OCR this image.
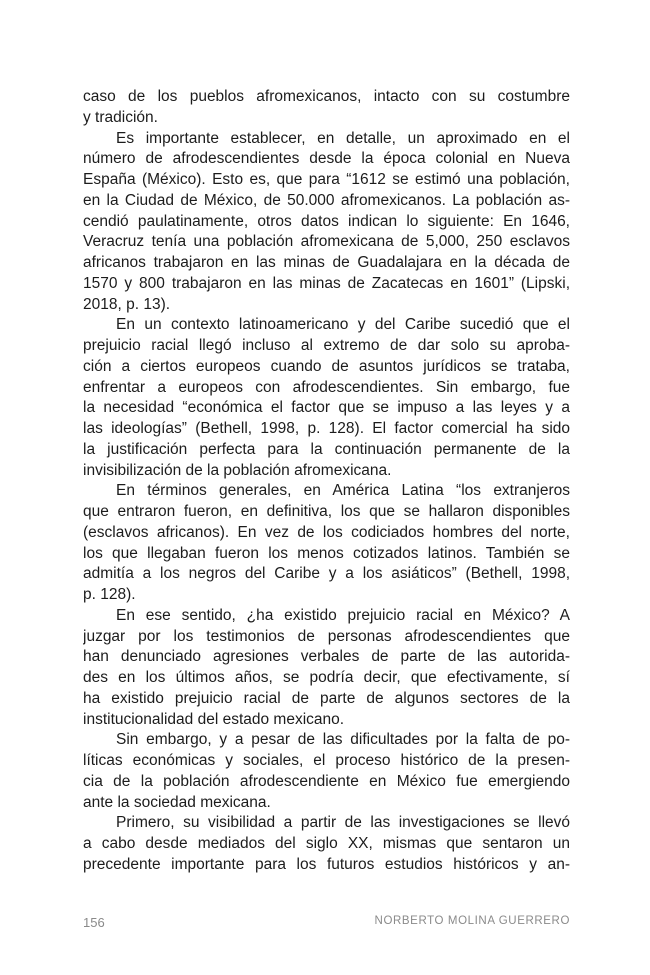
caso de los pueblos afromexicanos, intacto con su costumbre
y tradición.
Es importante establecer, en detalle, un aproximado en el
número de afrodescendientes desde la época colonial en Nueva
España (México). Esto es, que para “1612 se estimó una población,
en la Ciudad de México, de 50.000 afromexicanos. La población as-
cendió paulatinamente, otros datos indican lo siguiente: En 1646,
Veracruz tenía una población afromexicana de 5,000, 250 esclavos
africanos trabajaron en las minas de Guadalajara en la década de
1570 y 800 trabajaron en las minas de Zacatecas en 1601” (Lipski,
2018, p. 13).
En un contexto latinoamericano y del Caribe sucedió que el
prejuicio racial llegó incluso al extremo de dar solo su aproba-
ción a ciertos europeos cuando de asuntos jurídicos se trataba,
enfrentar a europeos con afrodescendientes. Sin embargo, fue
la necesidad “económica el factor que se impuso a las leyes y a
las ideologías” (Bethell, 1998, p. 128). El factor comercial ha sido
la justificación perfecta para la continuación permanente de la
invisibilización de la población afromexicana.
En términos generales, en América Latina “los extranjeros
que entraron fueron, en definitiva, los que se hallaron disponibles
(esclavos africanos). En vez de los codiciados hombres del norte,
los que llegaban fueron los menos cotizados latinos. También se
admitía a los negros del Caribe y a los asiáticos” (Bethell, 1998,
p. 128).
En ese sentido, ¿ha existido prejuicio racial en México? A
juzgar por los testimonios de personas afrodescendientes que
han denunciado agresiones verbales de parte de las autorida-
des en los últimos años, se podría decir, que efectivamente, sí
ha existido prejuicio racial de parte de algunos sectores de la
institucionalidad del estado mexicano.
Sin embargo, y a pesar de las dificultades por la falta de po-
líticas económicas y sociales, el proceso histórico de la presen-
cia de la población afrodescendiente en México fue emergiendo
ante la sociedad mexicana.
Primero, su visibilidad a partir de las investigaciones se llevó
a cabo desde mediados del siglo XX, mismas que sentaron un
precedente importante para los futuros estudios históricos y an-
156	NORBERTO MOLINA GUERRERO
